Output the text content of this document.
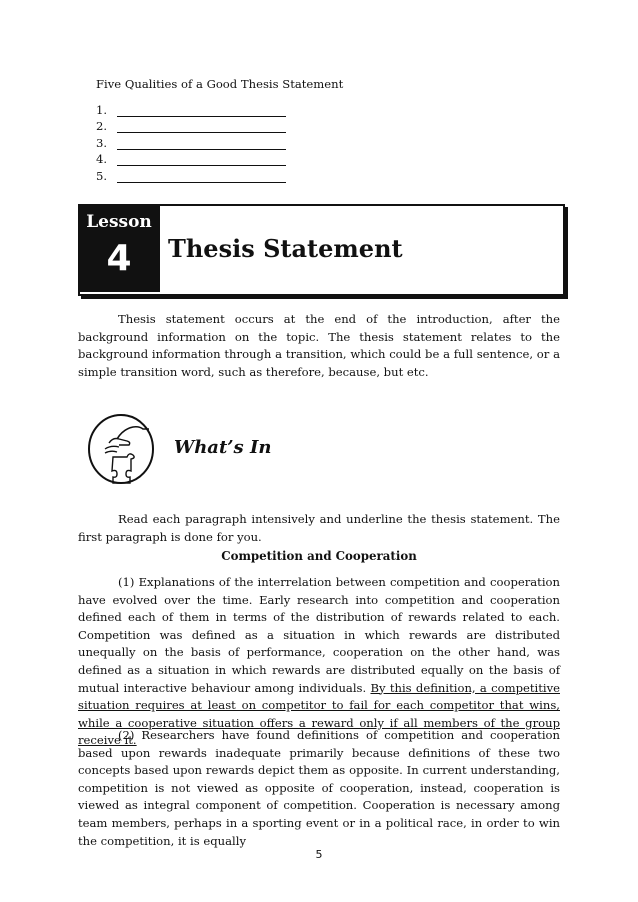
Five Qualities of a Good Thesis Statement
1.
2.
3.
4.
5.
Lesson
4	Thesis Statement

Thesis statement occurs at the end of the introduction, after the background information on the topic. The thesis statement relates to the background information through a transition, which could be a full sentence, or a simple transition word, such as therefore, because, but etc.

What’s In

Read each paragraph intensively and underline the thesis statement. The first paragraph is done for you.

Competition and Cooperation

(1) Explanations of the interrelation between competition and cooperation have evolved over the time. Early research into competition and cooperation defined each of them in terms of the distribution of rewards related to each. Competition was defined as a situation in which rewards are distributed unequally on the basis of performance, cooperation on the other hand, was defined as a situation in which rewards are distributed equally on the basis of mutual interactive behaviour among individuals. By this definition, a competitive situation requires at least on competitor to fail for each competitor that wins, while a cooperative situation offers a reward only if all members of the group receive it.

(2) Researchers have found definitions of competition and cooperation based upon rewards inadequate primarily because definitions of these two concepts based upon rewards depict them as opposite. In current understanding, competition is not viewed as opposite of cooperation, instead, cooperation is viewed as integral component of competition. Cooperation is necessary among team members, perhaps in a sporting event or in a political race, in order to win the competition, it is equally

5
